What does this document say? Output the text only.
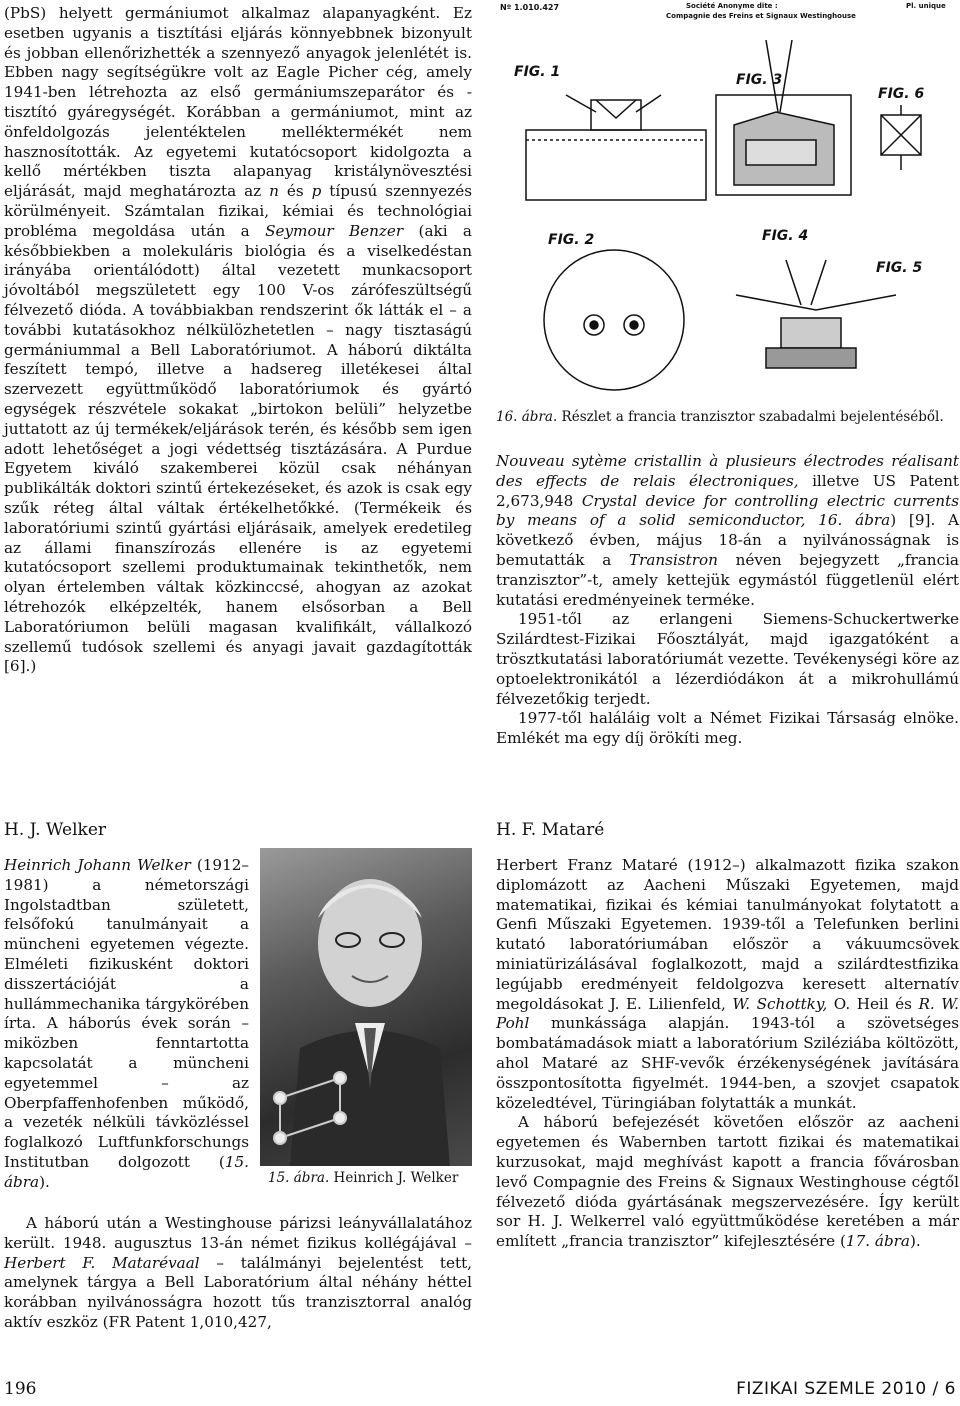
(PbS) helyett germániumot alkalmaz alapanyagként. Ez esetben ugyanis a tisztítási eljárás könnyebbnek bizonyult és jobban ellenőrizhették a szennyező anyagok jelenlétét is. Ebben nagy segítségükre volt az Eagle Picher cég, amely 1941-ben létrehozta az első germániumszeparátor és -tisztító gyáregységét. Korábban a germániumot, mint az önfeldolgozás jelentéktelen melléktermékét nem hasznosították. Az egyetemi kutatócsoport kidolgozta a kellő mértékben tiszta alapanyag kristálynövesztési eljárását, majd meghatározta az n és p típusú szennyezés körülményeit. Számtalan fizikai, kémiai és technológiai probléma megoldása után a Seymour Benzer (aki a későbbiekben a molekuláris biológia és a viselkedéstan irányába orientálódott) által vezetett munkacsoport jóvoltából megszületett egy 100 V-os zárófeszültségű félvezető dióda. A továbbiakban rendszerint ők látták el – a további kutatásokhoz nélkülözhetetlen – nagy tisztaságú germániummal a Bell Laboratóriumot. A háború diktálta feszített tempó, illetve a hadsereg illetékesei által szervezett együttműködő laboratóriumok és gyártó egységek részvétele sokakat „birtokon belüli” helyzetbe juttatott az új termékek/eljárások terén, és később sem igen adott lehetőséget a jogi védettség tisztázására. A Purdue Egyetem kiváló szakemberei közül csak néhányan publikálták doktori szintű értekezéseket, és azok is csak egy szűk réteg által váltak értékelhetőkké. (Termékeik és laboratóriumi szintű gyártási eljárásaik, amelyek eredetileg az állami finanszírozás ellenére is az egyetemi kutatócsoport szellemi produktumainak tekinthetők, nem olyan értelemben váltak közkinccsé, ahogyan az azokat létrehozók elképzelték, hanem elsősorban a Bell Laboratóriumon belüli magasan kvalifikált, vállalkozó szellemű tudósok szellemi és anyagi javait gazdagították [6].)

Nº 1.010.427	Société Anonyme dite :
Compagnie des Freins et Signaux Westinghouse
Pl. unique
FIG. 1
FIG. 2
FIG. 3
FIG. 4
FIG. 5
FIG. 6
16. ábra. Részlet a francia tranzisztor szabadalmi bejelentéséből.

Nouveau sytème cristallin à plusieurs électrodes réalisant des effects de relais électroniques, illetve US Patent 2,673,948 Crystal device for controlling electric currents by means of a solid semiconductor, 16. ábra) [9]. A következő évben, május 18-án a nyilvánosságnak is bemutatták a Transistron néven bejegyzett „francia tranzisztor”-t, amely kettejük egymástól függetlenül elért kutatási eredményeinek terméke.

1951-től az erlangeni Siemens-Schuckertwerke Szilárdtest-Fizikai Főosztályát, majd igazgatóként a trösztkutatási laboratóriumát vezette. Tevékenységi köre az optoelektronikától a lézerdiódákon át a mikrohullámú félvezetőkig terjedt.

1977-től haláláig volt a Német Fizikai Társaság elnöke. Emlékét ma egy díj örökíti meg.

H. J. Welker

Heinrich Johann Welker (1912–1981) a németországi Ingolstadtban született, felsőfokú tanulmányait a müncheni egyetemen végezte. Elméleti fizikusként doktori disszertációját a hullámmechanika tárgykörében írta. A háborús évek során – miközben fenntartotta kapcsolatát a müncheni egyetemmel – az Oberpfaffenhofenben működő, a vezeték nélküli távközléssel foglalkozó Luftfunkforschungs Institutban dolgozott (15. ábra).	15. ábra. Heinrich J. Welker

A háború után a Westinghouse párizsi leányvállalatához került. 1948. augusztus 13-án német fizikus kollégájával – Herbert F. Matarévaal – találmányi bejelentést tett, amelynek tárgya a Bell Laboratórium által néhány héttel korábban nyilvánosságra hozott tűs tranzisztorral analóg aktív eszköz (FR Patent 1,010,427,

H. F. Mataré

Herbert Franz Mataré (1912–) alkalmazott fizika szakon diplomázott az Aacheni Műszaki Egyetemen, majd matematikai, fizikai és kémiai tanulmányokat folytatott a Genfi Műszaki Egyetemen. 1939-től a Telefunken berlini kutató laboratóriumában először a vákuumcsövek miniatürizálásával foglalkozott, majd a szilárdtestfizika legújabb eredményeit feldolgozva keresett alternatív megoldásokat J. E. Lilienfeld, W. Schottky, O. Heil és R. W. Pohl munkássága alapján. 1943-tól a szövetséges bombatámadások miatt a laboratórium Sziléziába költözött, ahol Mataré az SHF-vevők érzékenységének javítására összpontosította figyelmét. 1944-ben, a szovjet csapatok közeledtével, Türingiában folytatták a munkát.

A háború befejezését követően először az aacheni egyetemen és Wabernben tartott fizikai és matematikai kurzusokat, majd meghívást kapott a francia fővárosban levő Compagnie des Freins & Signaux Westinghouse cégtől félvezető dióda gyártásának megszervezésére. Így került sor H. J. Welkerrel való együttműködése keretében a már említett „francia tranzisztor” kifejlesztésére (17. ábra).

196	FIZIKAI SZEMLE 2010 / 6
